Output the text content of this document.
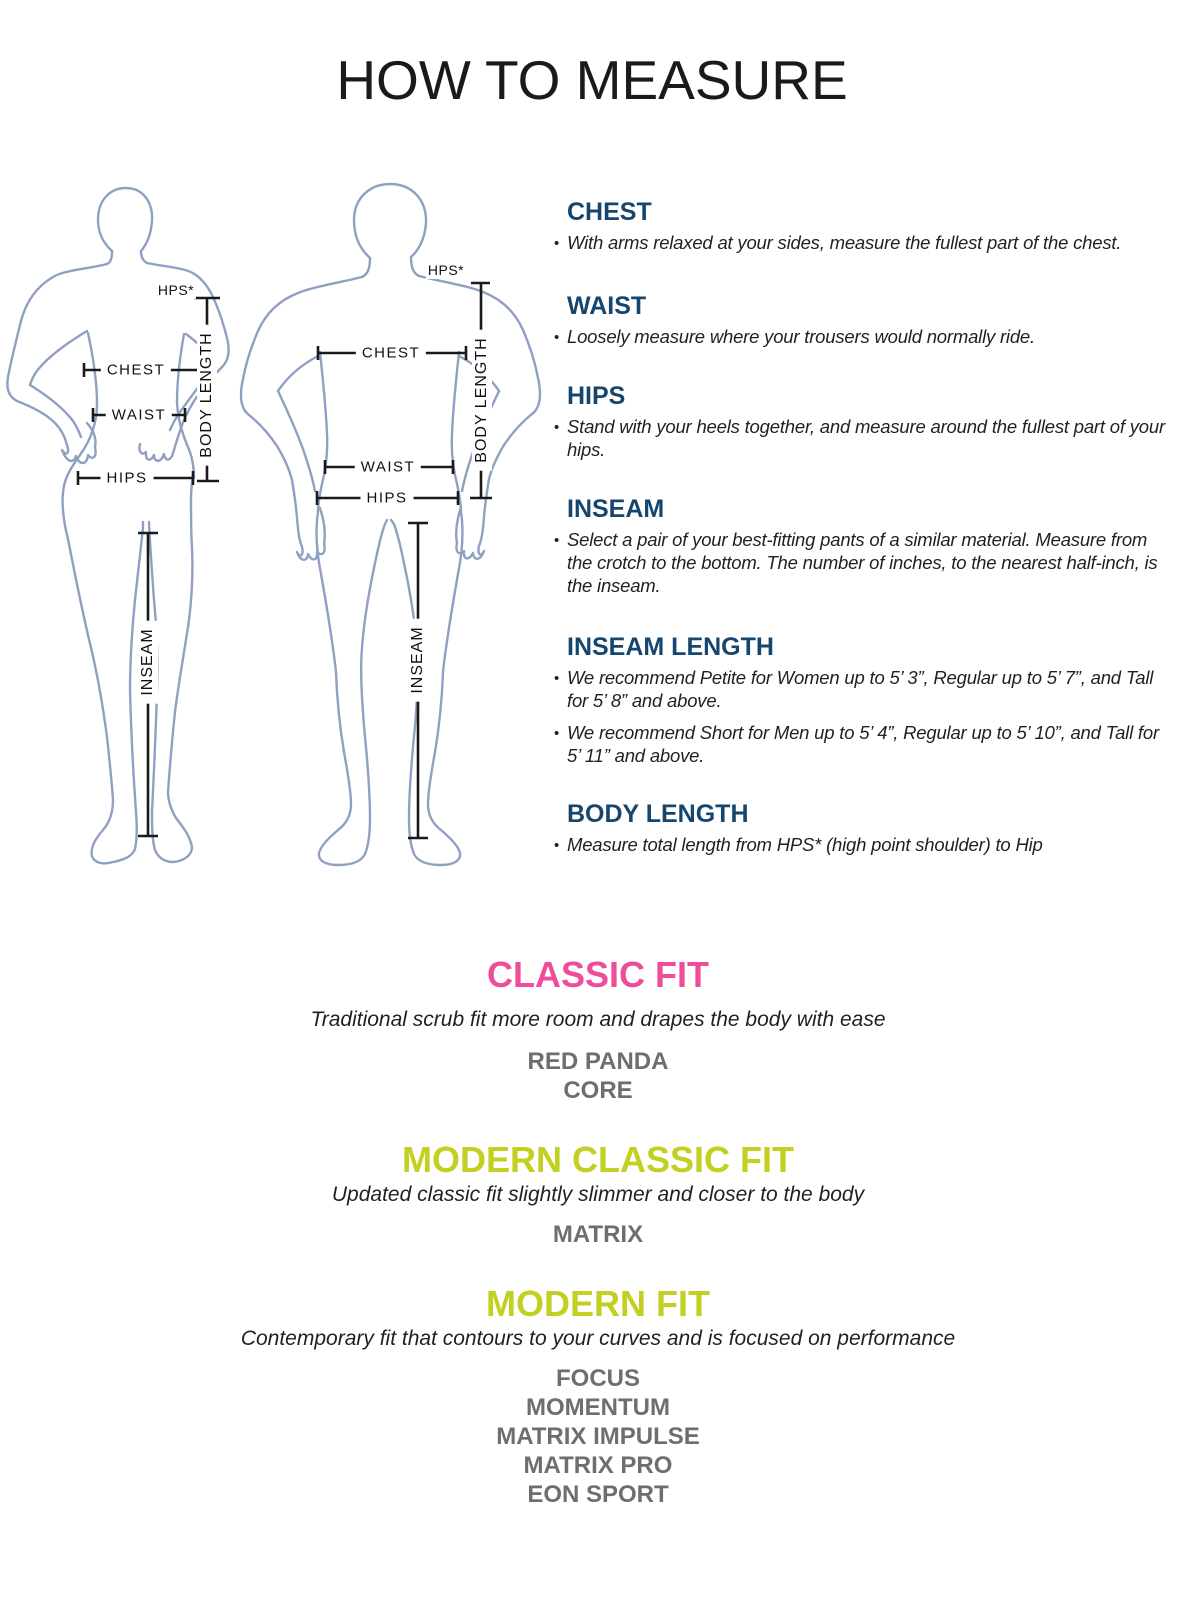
HOW TO MEASURE
HPS*
CHEST
WAIST
HIPS
BODY LENGTH
INSEAM
HPS*
CHEST
WAIST
HIPS
BODY LENGTH
INSEAM
CHEST
• With arms relaxed at your sides, measure the fullest part of the chest.
WAIST
• Loosely measure where your trousers would normally ride.
HIPS
• Stand with your heels together, and measure around the fullest part of your hips.
INSEAM
• Select a pair of your best-fitting pants of a similar material. Measure from the crotch to the bottom. The number of inches, to the nearest half-inch, is the inseam.
INSEAM LENGTH
• We recommend Petite for Women up to 5’ 3”, Regular up to 5’ 7”, and Tall for 5’ 8” and above.
• We recommend Short for Men up to 5’ 4”, Regular up to 5’ 10”, and Tall for 5’ 11” and above.
BODY LENGTH
• Measure total length from HPS* (high point shoulder) to Hip
CLASSIC FIT
Traditional scrub fit more room and drapes the body with ease
RED PANDA
CORE
MODERN CLASSIC FIT
Updated classic fit slightly slimmer and closer to the body
MATRIX
MODERN FIT
Contemporary fit that contours to your curves and is focused on performance
FOCUS
MOMENTUM
MATRIX IMPULSE
MATRIX PRO
EON SPORT
